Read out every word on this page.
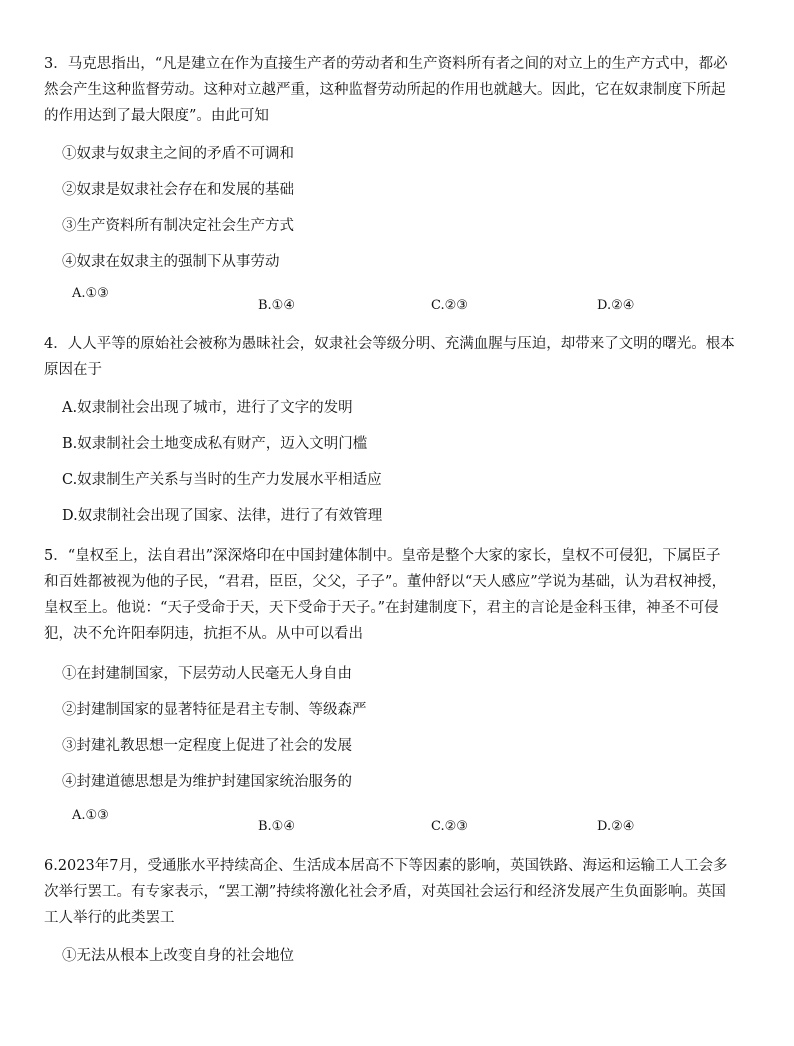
3．马克思指出，“凡是建立在作为直接生产者的劳动者和生产资料所有者之间的对立上的生产方式中，都必
然会产生这种监督劳动。这种对立越严重，这种监督劳动所起的作用也就越大。因此，它在奴隶制度下所起
的作用达到了最大限度”。由此可知
①奴隶与奴隶主之间的矛盾不可调和
②奴隶是奴隶社会存在和发展的基础
③生产资料所有制决定社会生产方式
④奴隶在奴隶主的强制下从事劳动
A.①③
B.①④	C.②③	D.②④
4．人人平等的原始社会被称为愚昧社会，奴隶社会等级分明、充满血腥与压迫，却带来了文明的曙光。根本
原因在于
A.奴隶制社会出现了城市，进行了文字的发明
B.奴隶制社会土地变成私有财产，迈入文明门槛
C.奴隶制生产关系与当时的生产力发展水平相适应
D.奴隶制社会出现了国家、法律，进行了有效管理
5．“皇权至上，法自君出”深深烙印在中国封建体制中。皇帝是整个大家的家长，皇权不可侵犯，下属臣子
和百姓都被视为他的子民，“君君，臣臣，父父，子子”。董仲舒以“天人感应”学说为基础，认为君权神授，
皇权至上。他说：“天子受命于天，天下受命于天子。”在封建制度下，君主的言论是金科玉律，神圣不可侵
犯，决不允许阳奉阴违，抗拒不从。从中可以看出
①在封建制国家，下层劳动人民毫无人身自由
②封建制国家的显著特征是君主专制、等级森严
③封建礼教思想一定程度上促进了社会的发展
④封建道德思想是为维护封建国家统治服务的
A.①③
B.①④	C.②③	D.②④
6.2023年7月，受通胀水平持续高企、生活成本居高不下等因素的影响，英国铁路、海运和运输工人工会多
次举行罢工。有专家表示，“罢工潮”持续将激化社会矛盾，对英国社会运行和经济发展产生负面影响。英国
工人举行的此类罢工
①无法从根本上改变自身的社会地位
